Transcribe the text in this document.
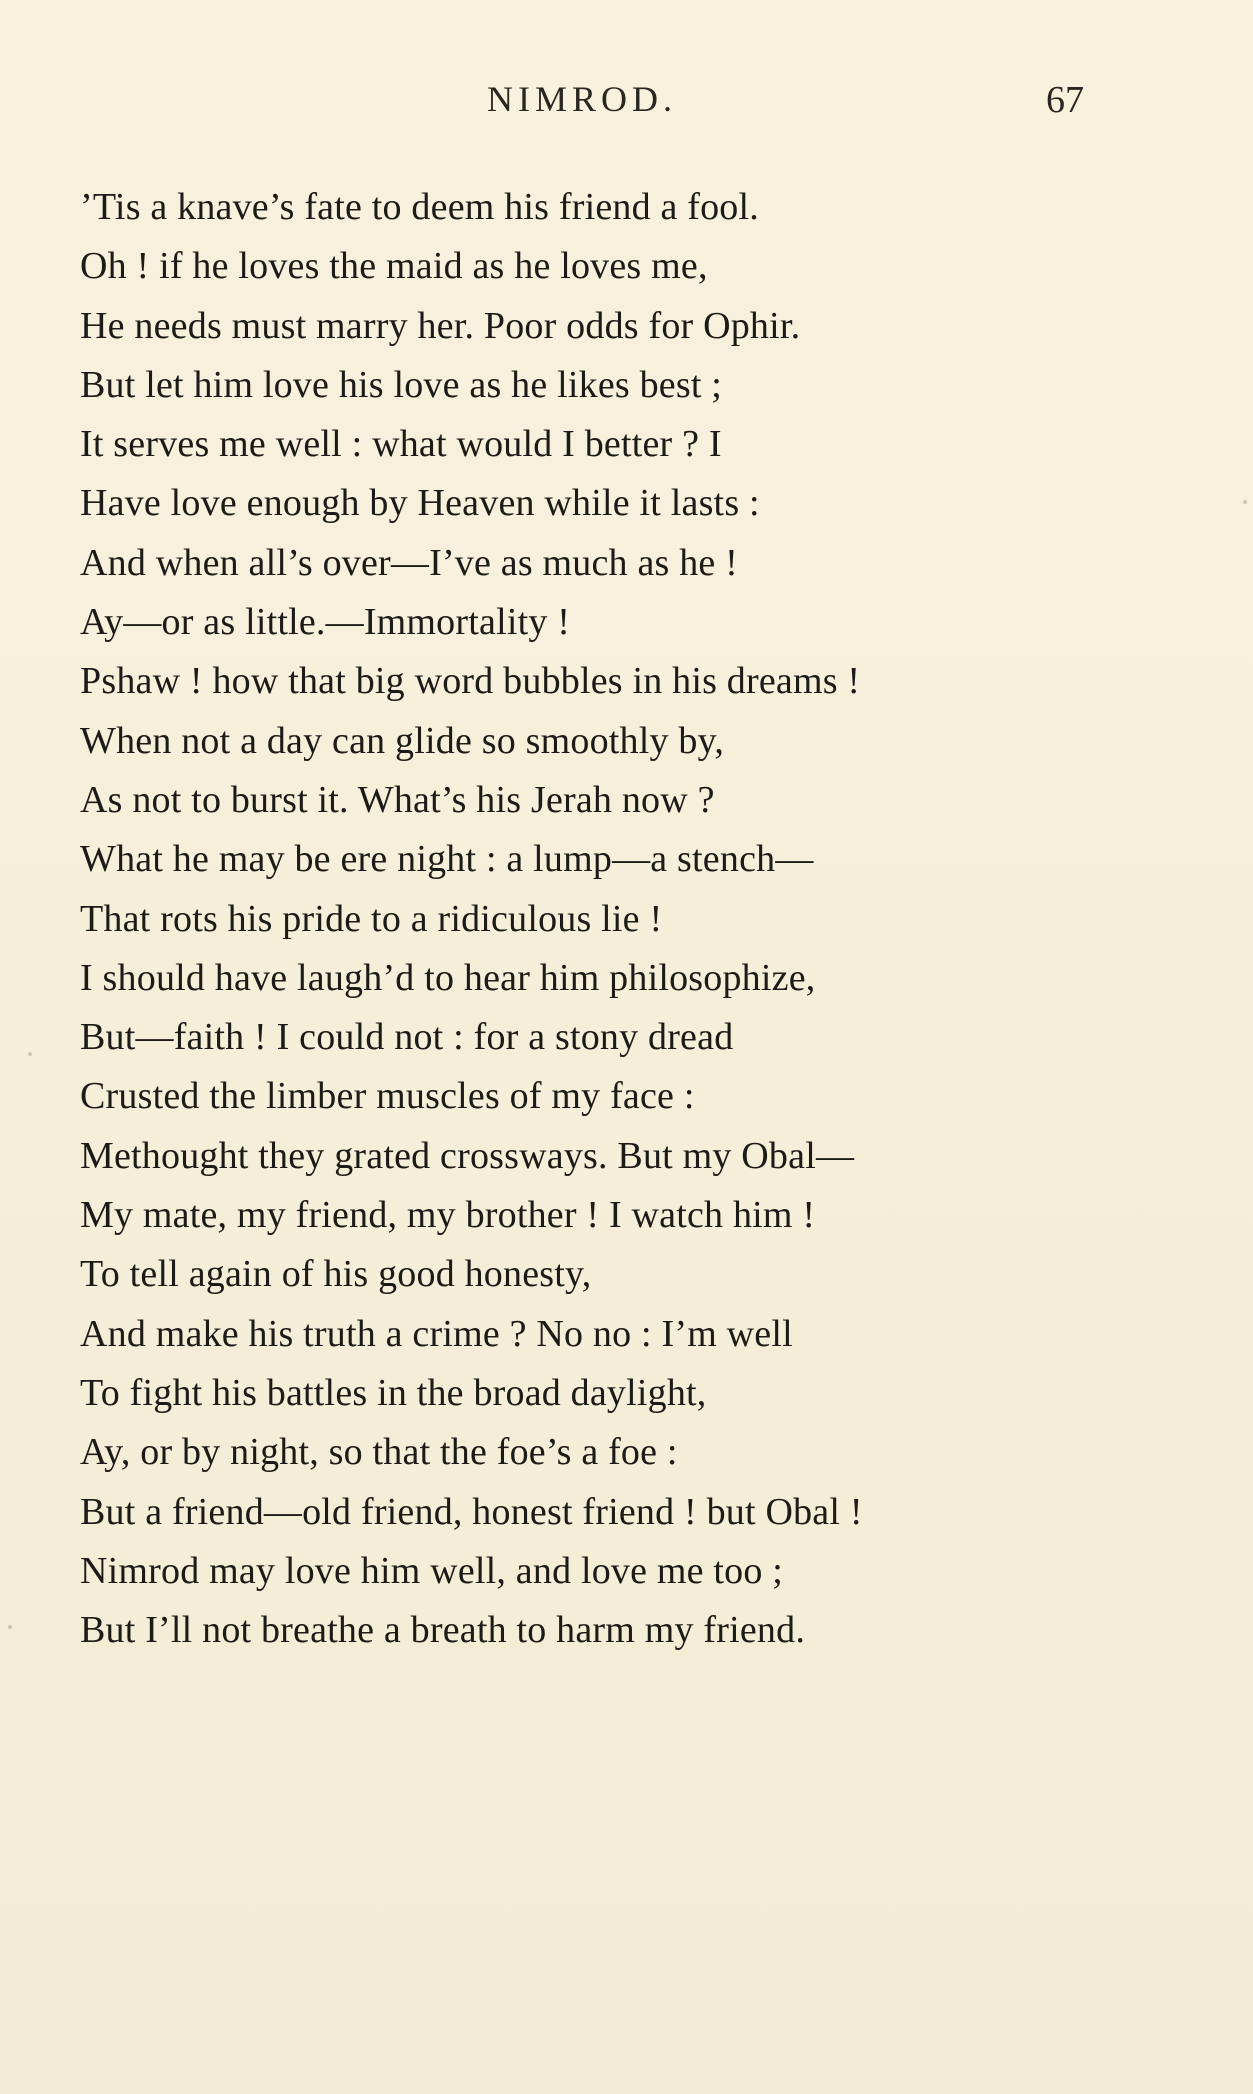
NIMROD.	67
’Tis a knave’s fate to deem his friend a fool.
Oh ! if he loves the maid as he loves me,
He needs must marry her. Poor odds for Ophir.
But let him love his love as he likes best ;
It serves me well : what would I better ? I
Have love enough by Heaven while it lasts :
And when all’s over—I’ve as much as he !
Ay—or as little.—Immortality !
Pshaw ! how that big word bubbles in his dreams !
When not a day can glide so smoothly by,
As not to burst it. What’s his Jerah now ?
What he may be ere night : a lump—a stench—
That rots his pride to a ridiculous lie !
I should have laugh’d to hear him philosophize,
But—faith ! I could not : for a stony dread
Crusted the limber muscles of my face :
Methought they grated crossways. But my Obal—
My mate, my friend, my brother ! I watch him !
To tell again of his good honesty,
And make his truth a crime ? No no : I’m well
To fight his battles in the broad daylight,
Ay, or by night, so that the foe’s a foe :
But a friend—old friend, honest friend ! but Obal !
Nimrod may love him well, and love me too ;
But I’ll not breathe a breath to harm my friend.
